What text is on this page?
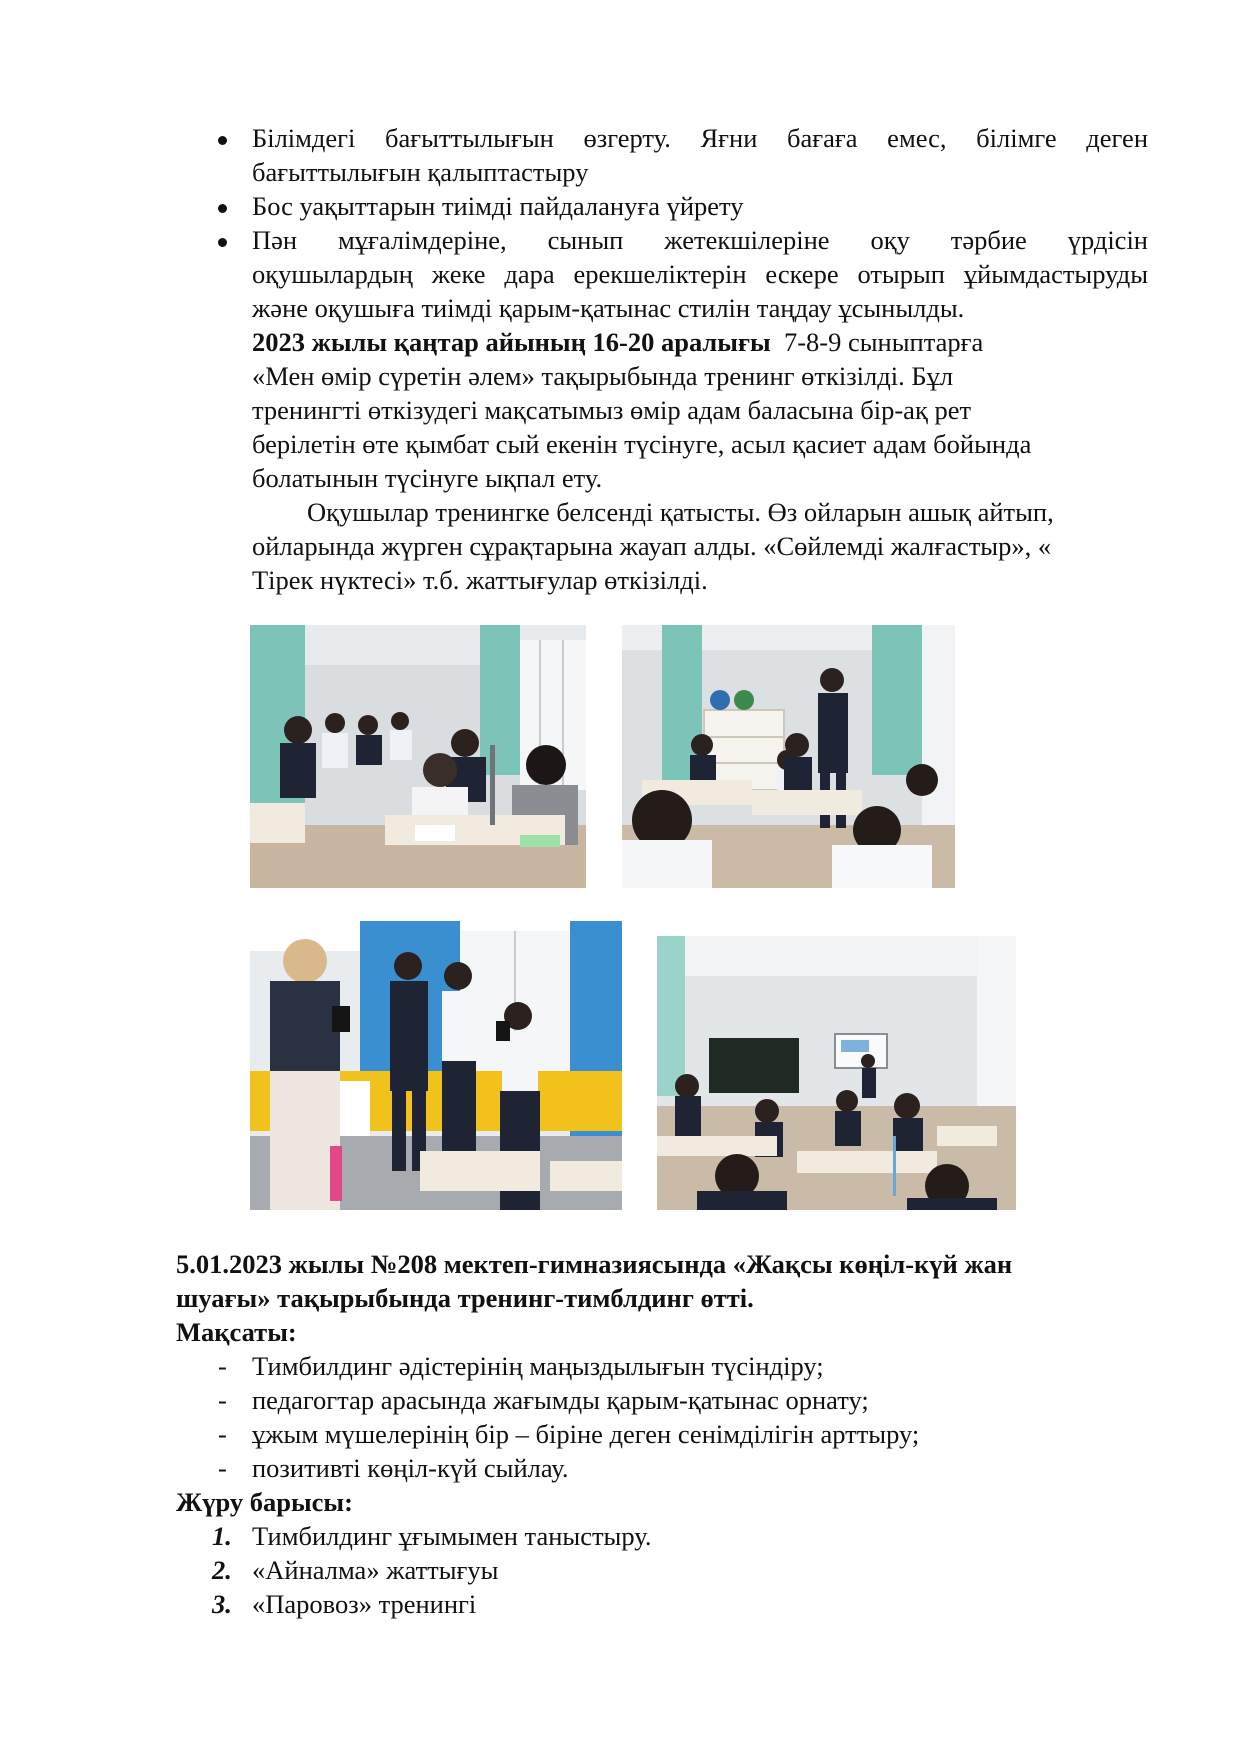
Білімдегі бағыттылығын өзгерту. Яғни бағаға емес, білімге деген
бағыттылығын қалыптастыру
Бос уақыттарын тиімді пайдалануға үйрету
Пән мұғалімдеріне, сынып жетекшілеріне оқу тәрбие үрдісін
оқушылардың жеке дара ерекшеліктерін ескере отырып ұйымдастыруды
және оқушыға тиімді қарым-қатынас стилін таңдау ұсынылды.
2023 жылы қаңтар айының 16-20 аралығы  7-8-9 сыныптарға
«Мен өмір сүретін әлем» тақырыбында тренинг өткізілді. Бұл
тренингті өткізудегі мақсатымыз өмір адам баласына бір-ақ рет
берілетін өте қымбат сый екенін түсінуге, асыл қасиет адам бойында
болатынын түсінуге ықпал ету.
Оқушылар тренингке белсенді қатысты. Өз ойларын ашық айтып,
ойларында жүрген сұрақтарына жауап алды. «Сөйлемді жалғастыр», «
Тірек нүктесі» т.б. жаттығулар өткізілді.
5.01.2023 жылы №208 мектеп-гимназиясында «Жақсы көңіл-күй жан
шуағы» тақырыбында тренинг-тимблдинг өтті.
Мақсаты:
- Тимбилдинг әдістерінің маңыздылығын түсіндіру;
- педагогтар арасында жағымды қарым-қатынас орнату;
- ұжым мүшелерінің бір – біріне деген сенімділігін арттыру;
- позитивті көңіл-күй сыйлау.
Жүру барысы:
1. Тимбилдинг ұғымымен таныстыру.
2. «Айналма» жаттығуы
3. «Паровоз» тренингі
